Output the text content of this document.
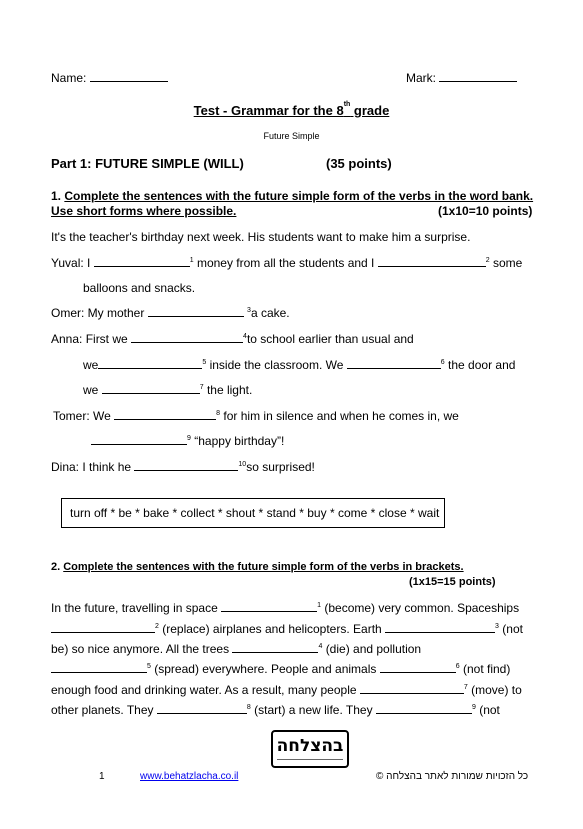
Name:	Mark:
Test - Grammar for the 8th grade
Future Simple
Part 1: FUTURE SIMPLE (WILL)	(35 points)
1. Complete the sentences with the future simple form of the verbs in the word bank.
Use short forms where possible.	(1x10=10 points)
It's the teacher's birthday next week. His students want to make him a surprise.
Yuval: I	$^1$ money from all the students and I	$^2$ some
balloons and snacks.
Omer: My mother	$^3$a cake.
Anna: First we	$^4$to school earlier than usual and
we	$^5$ inside the classroom. We	$^6$ the door and
we	$^7$ the light.
Tomer: We	$^8$ for him in silence and when he comes in, we
$^9$ “happy birthday”!
Dina: I think he	$^{10}$so surprised!
turn off * be * bake * collect * shout * stand * buy * come * close * wait
2. Complete the sentences with the future simple form of the verbs in brackets.
(1x15=15 points)
In the future, travelling in space	$^1$ (become) very common. Spaceships
$^2$ (replace) airplanes and helicopters. Earth	$^3$ (not
be) so nice anymore. All the trees	$^4$ (die) and pollution
$^5$ (spread) everywhere. People and animals	$^6$ (not find)
enough food and drinking water. As a result, many people	$^7$ (move) to
other planets. They	$^8$ (start) a new life. They	$^9$ (not
בהצלחה
1	www.behatzlacha.co.il	כל הזכויות שמורות לאתר בהצלחה ©
